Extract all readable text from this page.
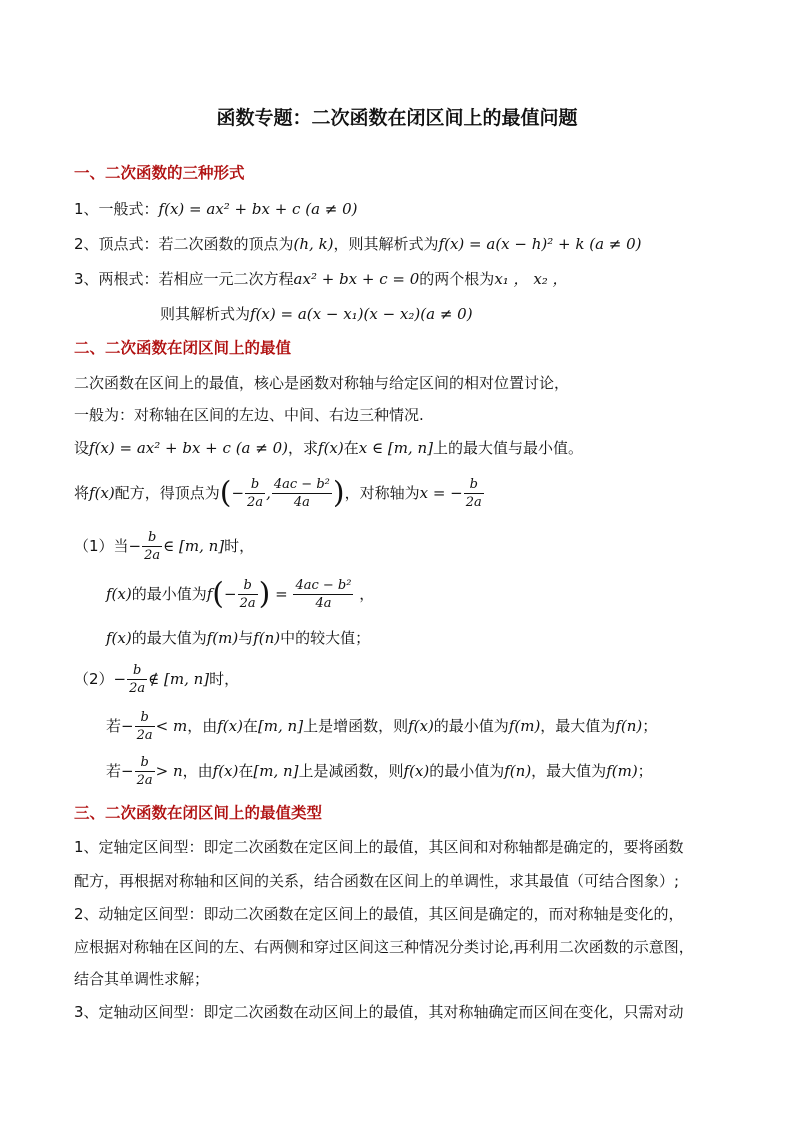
函数专题：二次函数在闭区间上的最值问题
一、二次函数的三种形式
1、一般式：f(x) = ax² + bx + c (a ≠ 0)
2、顶点式：若二次函数的顶点为(h, k)，则其解析式为f(x) = a(x − h)² + k (a ≠ 0)
3、两根式：若相应一元二次方程ax² + bx + c = 0的两个根为x₁ ， x₂ ，
则其解析式为f(x) = a(x − x₁)(x − x₂)(a ≠ 0)
二、二次函数在闭区间上的最值
二次函数在区间上的最值，核心是函数对称轴与给定区间的相对位置讨论，
一般为：对称轴在区间的左边、中间、右边三种情况.
设f(x) = ax² + bx + c (a ≠ 0)，求f(x)在x ∈ [m, n]上的最大值与最小值。
将f(x)配方，得顶点为(− $\frac{b}{2a}$ , $\frac{\text{4ac − b²}}{4a}$ )，对称轴为x = − $\frac{b}{2a}$
（1）当− $\frac{b}{2a}$ ∈ [m, n]时，
f(x)的最小值为$f(- \frac{b}{2a}$ ) = $\frac{\text{4ac − b²}}{4a}$ ，
f(x)的最大值为f(m)与f(n)中的较大值；
$(2)- \frac{b}{2a}$ ∉ [m, n]时，
若− $\frac{b}{2a} < m$，由f(x)在[m, n]上是增函数，则f(x)的最小值为f(m)，最大值为f(n)；
若− $\frac{b}{2a} > n$，由f(x)在[m, n]上是减函数，则f(x)的最小值为f(n)，最大值为f(m)；
三、二次函数在闭区间上的最值类型
1、定轴定区间型：即定二次函数在定区间上的最值，其区间和对称轴都是确定的，要将函数
配方，再根据对称轴和区间的关系，结合函数在区间上的单调性，求其最值（可结合图象）;
2、动轴定区间型：即动二次函数在定区间上的最值，其区间是确定的，而对称轴是变化的，
应根据对称轴在区间的左、右两侧和穿过区间这三种情况分类讨论,再利用二次函数的示意图，
结合其单调性求解；
3、定轴动区间型：即定二次函数在动区间上的最值，其对称轴确定而区间在变化，只需对动
